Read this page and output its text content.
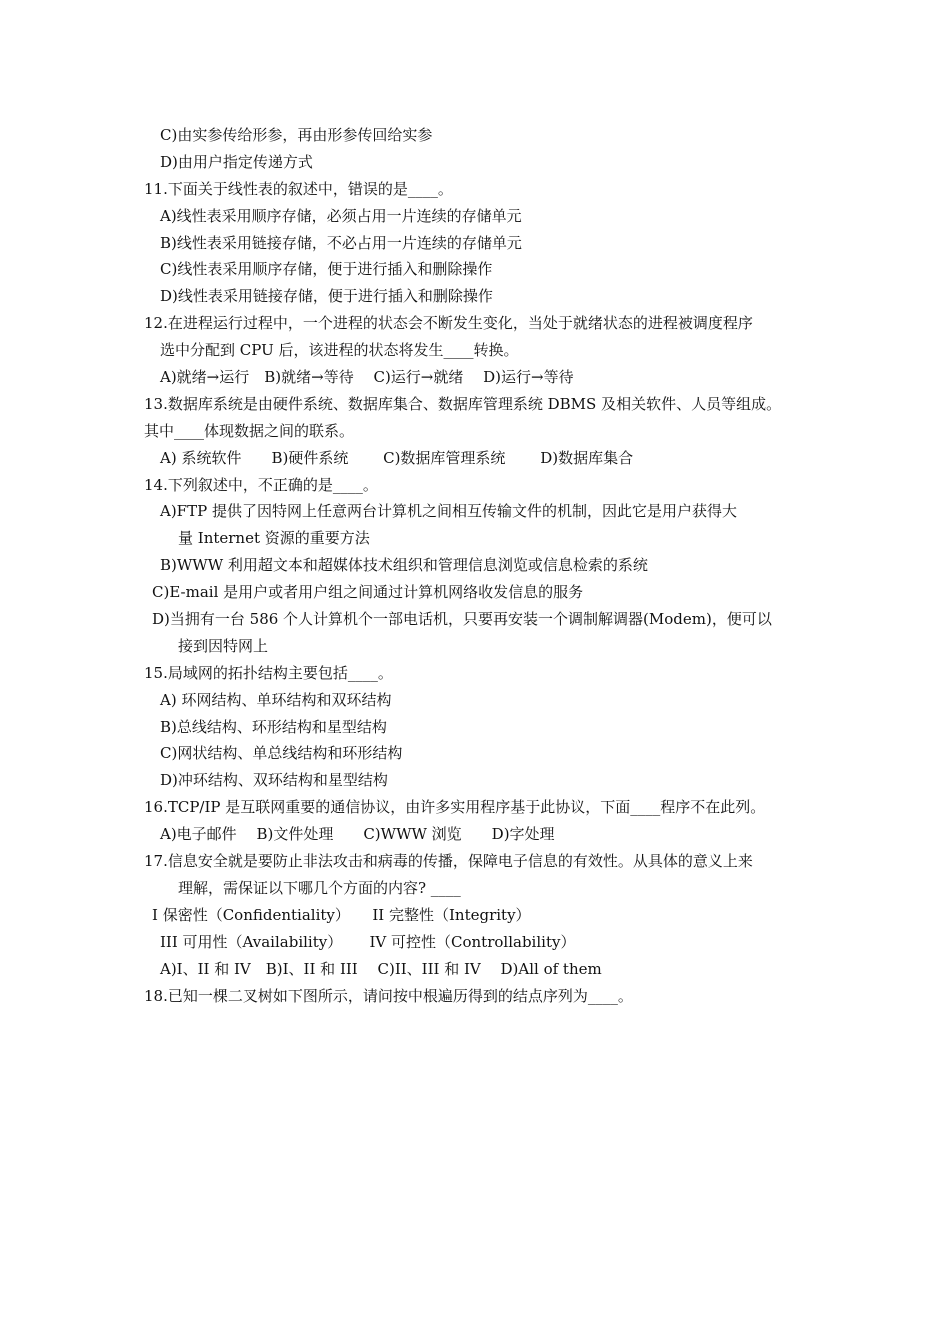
C)由实参传给形参，再由形参传回给实参
D)由用户指定传递方式
11.下面关于线性表的叙述中，错误的是____。
A)线性表采用顺序存储，必须占用一片连续的存储单元
B)线性表采用链接存储，不必占用一片连续的存储单元
C)线性表采用顺序存储，便于进行插入和删除操作
D)线性表采用链接存储，便于进行插入和删除操作
12.在进程运行过程中，一个进程的状态会不断发生变化，当处于就绪状态的进程被调度程序
选中分配到 CPU 后，该进程的状态将发生____转换。
A)就绪→运行　B)就绪→等待　 C)运行→就绪　 D)运行→等待
13.数据库系统是由硬件系统、数据库集合、数据库管理系统 DBMS 及相关软件、人员等组成。
其中____体现数据之间的联系。
A) 系统软件　　B)硬件系统　　 C)数据库管理系统　　 D)数据库集合
14.下列叙述中，不正确的是____。
A)FTP 提供了因特网上任意两台计算机之间相互传输文件的机制，因此它是用户获得大
量 Internet 资源的重要方法
B)WWW 利用超文本和超媒体技术组织和管理信息浏览或信息检索的系统
C)E-mail 是用户或者用户组之间通过计算机网络收发信息的服务
D)当拥有一台 586 个人计算机个一部电话机，只要再安装一个调制解调器(Modem)，便可以
接到因特网上
15.局域网的拓扑结构主要包括____。
A) 环网结构、单环结构和双环结构
B)总线结构、环形结构和星型结构
C)网状结构、单总线结构和环形结构
D)冲环结构、双环结构和星型结构
16.TCP/IP 是互联网重要的通信协议，由许多实用程序基于此协议，下面____程序不在此列。
A)电子邮件　 B)文件处理　　C)WWW 浏览　　D)字处理
17.信息安全就是要防止非法攻击和病毒的传播，保障电子信息的有效性。从具体的意义上来
理解，需保证以下哪几个方面的内容? ____
I 保密性（Confidentiality）　　II 完整性（Integrity）
III 可用性（Availability）　　 IV 可控性（Controllability）
A)I、II 和 IV　B)I、II 和 III　 C)II、III 和 IV　 D)All of them
18.已知一棵二叉树如下图所示，请问按中根遍历得到的结点序列为____。
